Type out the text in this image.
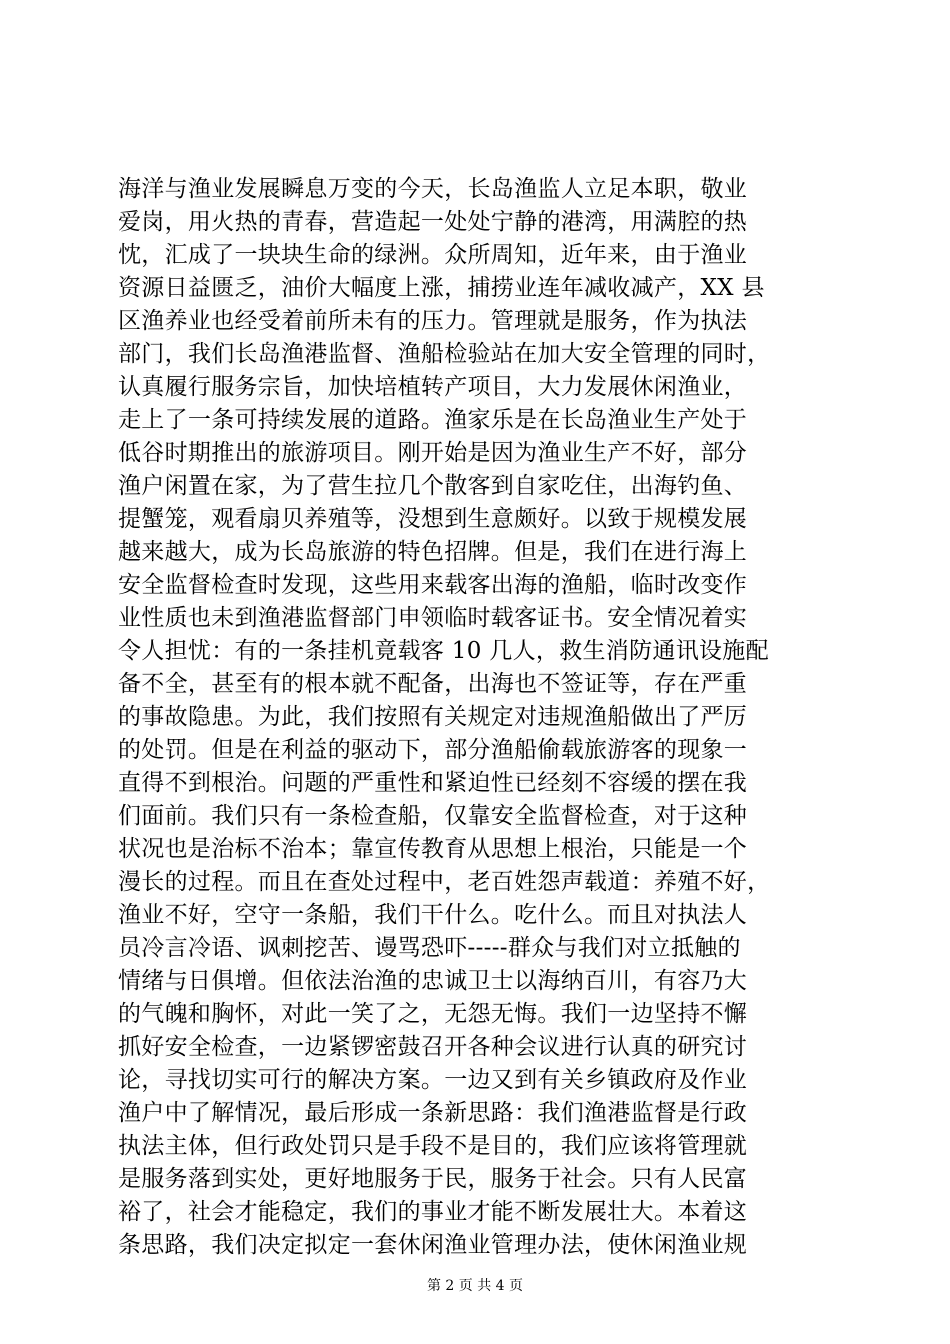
海洋与渔业发展瞬息万变的今天，长岛渔监人立足本职，敬业
爱岗，用火热的青春，营造起一处处宁静的港湾，用满腔的热
忱，汇成了一块块生命的绿洲。众所周知，近年来，由于渔业
资源日益匮乏，油价大幅度上涨，捕捞业连年减收减产，XX 县
区渔养业也经受着前所未有的压力。管理就是服务，作为执法
部门，我们长岛渔港监督、渔船检验站在加大安全管理的同时，
认真履行服务宗旨，加快培植转产项目，大力发展休闲渔业，
走上了一条可持续发展的道路。渔家乐是在长岛渔业生产处于
低谷时期推出的旅游项目。刚开始是因为渔业生产不好，部分
渔户闲置在家，为了营生拉几个散客到自家吃住，出海钓鱼、
提蟹笼，观看扇贝养殖等，没想到生意颇好。以致于规模发展
越来越大，成为长岛旅游的特色招牌。但是，我们在进行海上
安全监督检查时发现，这些用来载客出海的渔船，临时改变作
业性质也未到渔港监督部门申领临时载客证书。安全情况着实
令人担忧：有的一条挂机竟载客 10 几人，救生消防通讯设施配
备不全，甚至有的根本就不配备，出海也不签证等，存在严重
的事故隐患。为此，我们按照有关规定对违规渔船做出了严厉
的处罚。但是在利益的驱动下，部分渔船偷载旅游客的现象一
直得不到根治。问题的严重性和紧迫性已经刻不容缓的摆在我
们面前。我们只有一条检查船，仅靠安全监督检查，对于这种
状况也是治标不治本；靠宣传教育从思想上根治，只能是一个
漫长的过程。而且在查处过程中，老百姓怨声载道：养殖不好，
渔业不好，空守一条船，我们干什么。吃什么。而且对执法人
员冷言冷语、讽刺挖苦、谩骂恐吓-----群众与我们对立抵触的
情绪与日俱增。但依法治渔的忠诚卫士以海纳百川，有容乃大
的气魄和胸怀，对此一笑了之，无怨无悔。我们一边坚持不懈
抓好安全检查，一边紧锣密鼓召开各种会议进行认真的研究讨
论，寻找切实可行的解决方案。一边又到有关乡镇政府及作业
渔户中了解情况，最后形成一条新思路：我们渔港监督是行政
执法主体，但行政处罚只是手段不是目的，我们应该将管理就
是服务落到实处，更好地服务于民，服务于社会。只有人民富
裕了，社会才能稳定，我们的事业才能不断发展壮大。本着这
条思路，我们决定拟定一套休闲渔业管理办法，使休闲渔业规
第 2 页 共 4 页
